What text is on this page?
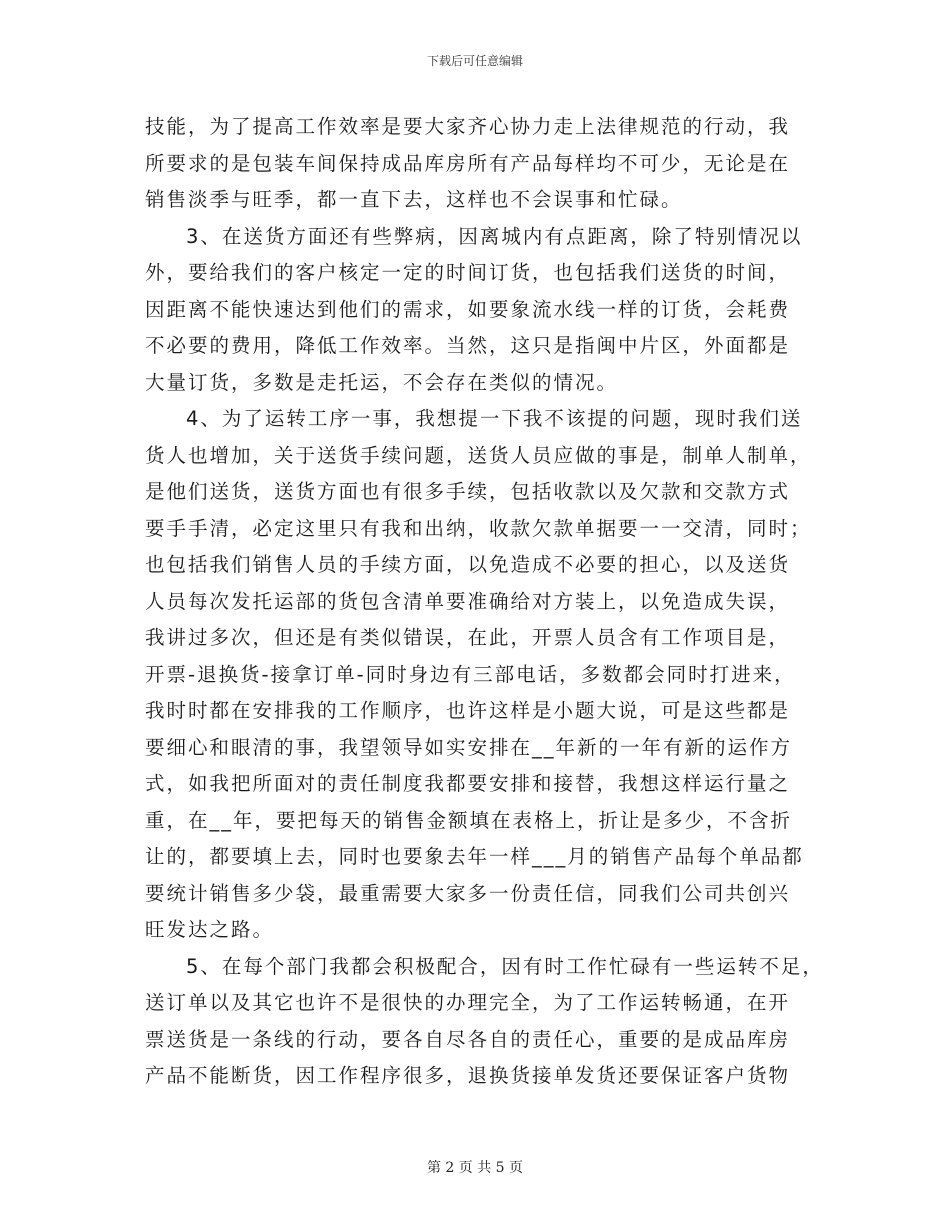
下载后可任意编辑
技能，为了提高工作效率是要大家齐心协力走上法律规范的行动，我
所要求的是包装车间保持成品库房所有产品每样均不可少，无论是在
销售淡季与旺季，都一直下去，这样也不会误事和忙碌。
3、在送货方面还有些弊病，因离城内有点距离，除了特别情况以
外，要给我们的客户核定一定的时间订货，也包括我们送货的时间，
因距离不能快速达到他们的需求，如要象流水线一样的订货，会耗费
不必要的费用，降低工作效率。当然，这只是指闽中片区，外面都是
大量订货，多数是走托运，不会存在类似的情况。
4、为了运转工序一事，我想提一下我不该提的问题，现时我们送
货人也增加，关于送货手续问题，送货人员应做的事是，制单人制单，
是他们送货，送货方面也有很多手续，包括收款以及欠款和交款方式
要手手清，必定这里只有我和出纳，收款欠款单据要一一交清，同时；
也包括我们销售人员的手续方面，以免造成不必要的担心，以及送货
人员每次发托运部的货包含清单要准确给对方装上，以免造成失误，
我讲过多次，但还是有类似错误，在此，开票人员含有工作项目是，
开票-退换货-接拿订单-同时身边有三部电话，多数都会同时打进来，
我时时都在安排我的工作顺序，也许这样是小题大说，可是这些都是
要细心和眼清的事，我望领导如实安排在__年新的一年有新的运作方
式，如我把所面对的责任制度我都要安排和接替，我想这样运行量之
重，在__年，要把每天的销售金额填在表格上，折让是多少，不含折
让的，都要填上去，同时也要象去年一样___月的销售产品每个单品都
要统计销售多少袋，最重需要大家多一份责任信，同我们公司共创兴
旺发达之路。
5、在每个部门我都会积极配合，因有时工作忙碌有一些运转不足，
送订单以及其它也许不是很快的办理完全，为了工作运转畅通，在开
票送货是一条线的行动，要各自尽各自的责任心，重要的是成品库房
产品不能断货，因工作程序很多，退换货接单发货还要保证客户货物
第 2 页 共 5 页
